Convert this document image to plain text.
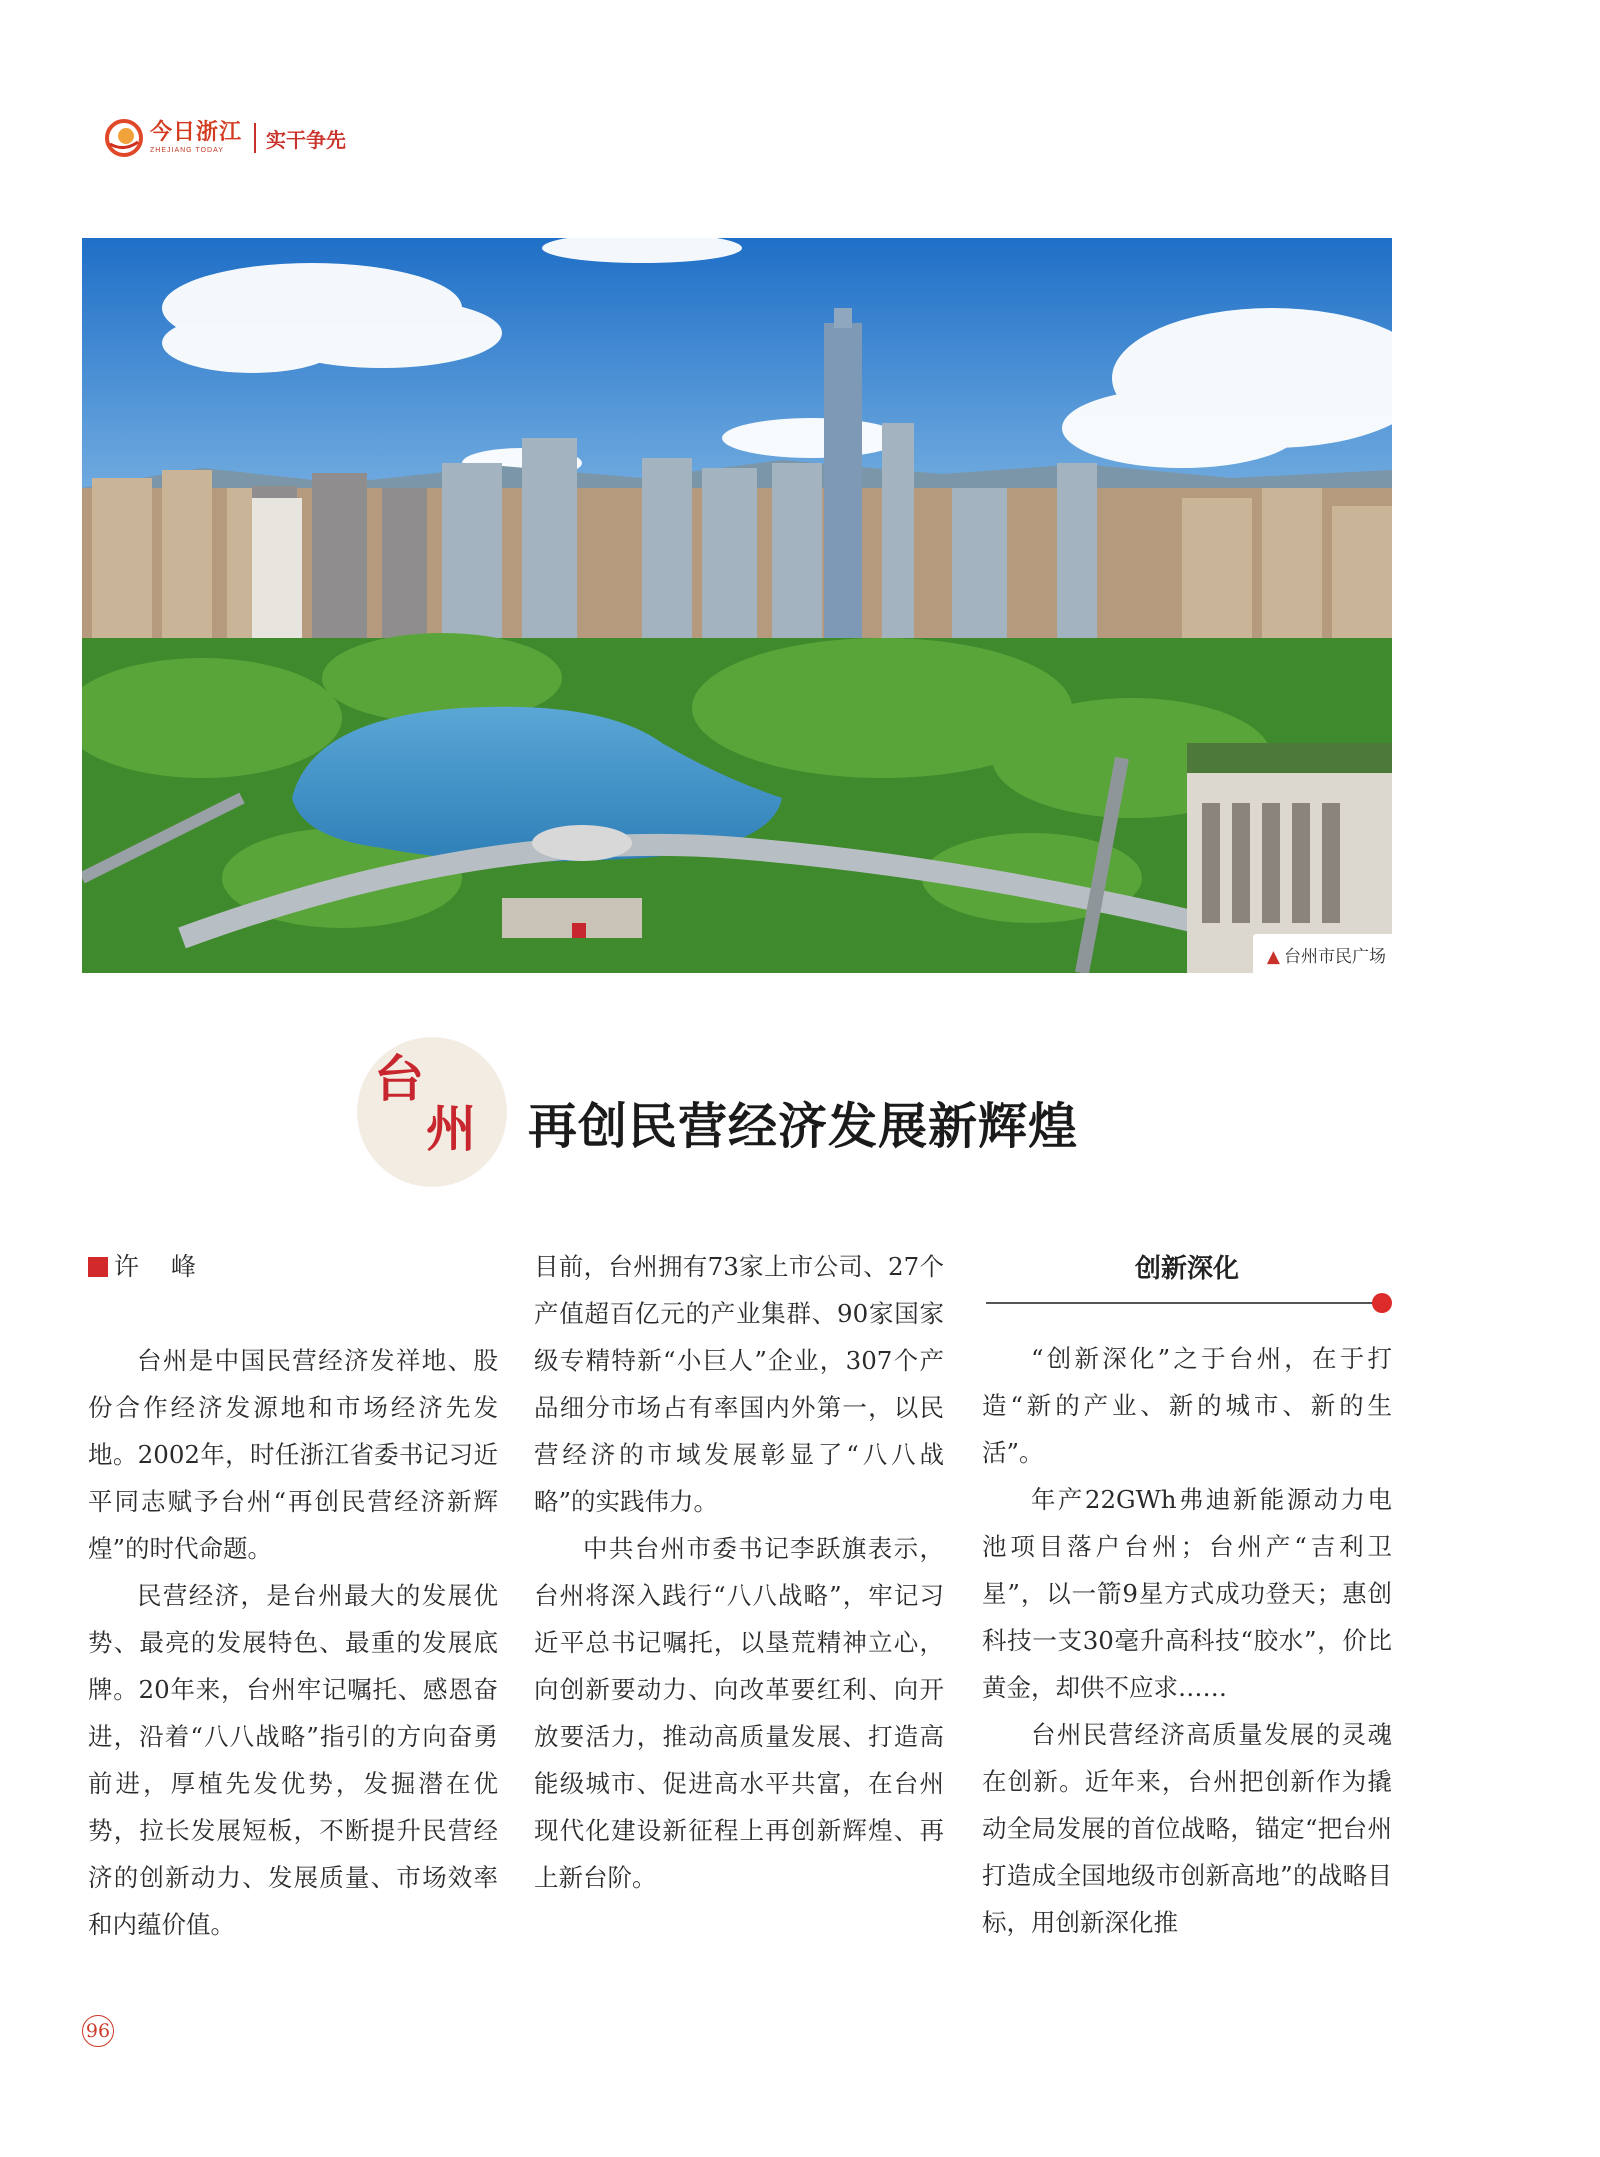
今日浙江
ZHEJIANG TODAY	实干争先
▲ 台州市民广场
台
州 再创民营经济发展新辉煌

许 峰

台州是中国民营经济发祥地、股份合作经济发源地和市场经济先发地。2002年，时任浙江省委书记习近平同志赋予台州“再创民营经济新辉煌”的时代命题。

民营经济，是台州最大的发展优势、最亮的发展特色、最重的发展底牌。20年来，台州牢记嘱托、感恩奋进，沿着“八八战略”指引的方向奋勇前进，厚植先发优势，发掘潜在优势，拉长发展短板，不断提升民营经济的创新动力、发展质量、市场效率和内蕴价值。

目前，台州拥有73家上市公司、27个产值超百亿元的产业集群、90家国家级专精特新“小巨人”企业，307个产品细分市场占有率国内外第一，以民营经济的市域发展彰显了“八八战略”的实践伟力。

中共台州市委书记李跃旗表示，台州将深入践行“八八战略”，牢记习近平总书记嘱托，以垦荒精神立心，向创新要动力、向改革要红利、向开放要活力，推动高质量发展、打造高能级城市、促进高水平共富，在台州现代化建设新征程上再创新辉煌、再上新台阶。

创新深化

“创新深化”之于台州，在于打造“新的产业、新的城市、新的生活”。

年产22GWh弗迪新能源动力电池项目落户台州；台州产“吉利卫星”，以一箭9星方式成功登天；惠创科技一支30毫升高科技“胶水”，价比黄金，却供不应求……

台州民营经济高质量发展的灵魂在创新。近年来，台州把创新作为撬动全局发展的首位战略，锚定“把台州打造成全国地级市创新高地”的战略目标，用创新深化推

96
